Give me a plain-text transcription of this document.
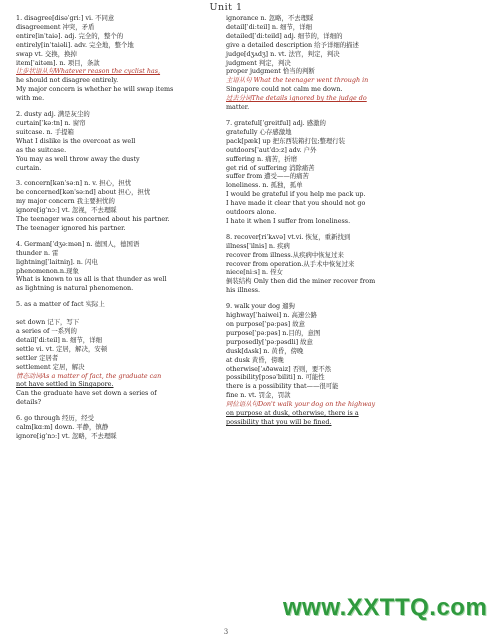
Unit 1
1. disagree[disəˈgriː] vi. 不同意
disagreement 冲突，矛盾
entire[inˈtaiə]. adj. 完全的，整个的
entirely[inˈtaiəli]. adv. 完全地，整个地
swap vt. 交换，换掉
item[ˈaitəm]. n. 项目，条款
让步状语从句Whatever reason the cyclist has,
he should not disagree entirely.
My major concern is whether he will swap items
with me.
2. dusty adj. 满是灰尘的
curtain[ˈkəːtn] n. 窗帘
suitcase. n. 手提箱
What I dislike is the overcoat as well
as the suitcase.
You may as well throw away the dusty
curtain.
3. concern[kənˈsəːn] n. v. 担心，担忧
be concerned[kənˈsəːnd] about 担心，担忧
my major concern 我主要担忧的
ignore[igˈnɔː] vt. 忽视，不去理睬
The teenager was concerned about his partner.
The teenager ignored his partner.
4. German[ˈdʒəːmən] n. 德国人，德国语
thunder n. 雷
lightning[ˈlaitniŋ]. n. 闪电
phenomenon.n.现象
What is known to us all is that thunder as well
as lightning is natural phenomenon.
5. as a matter of fact 实际上

set down 记下，写下
a series of 一系列的
detail[ˈdiːteil] n. 细节，详细
settle vi. vt. 定居，解决，安顿
settler 定居者
settlement 定居，解决
情态动词As a matter of fact, the graduate can
not have settled in Singapore.
Can the graduate have set down a series of
details?
6. go through 经历，经受
calm[kɑːm] down. 平静，镇静
ignore[igˈnɔː] vt. 忽略，不去理睬
ignorance n. 忽略，不去理睬
detail[ˈdiːteil] n. 细节，详细
detailed[ˈdiːteild] adj. 细节的，详细的
give a detailed description 给予详细的描述
judge[dʒʌdʒ] n. vt. 法官，判定，判决
judgment 判定，判决
proper judgment 恰当的判断
主语从句 What the teenager went through in
Singapore could not calm me down.
过去分词The details ignored by the judge do
matter.
7. grateful[ˈgreitful] adj. 感激的
gratefully 心存感激地
pack[pæk] up 把东西装箱打包;整理行装
outdoors[ˈautˈdɔːz] adv. 户外
suffering n. 痛苦，折磨
get rid of suffering 消除痛苦
suffer from 遭受——的痛苦
loneliness. n. 孤独，孤单
I would be grateful if you help me pack up.
I have made it clear that you should not go
outdoors alone.
I hate it when I suffer from loneliness.
8. recover[riˈkʌvə] vt.vi. 恢复，重新找到
illness[ˈilnis] n. 疾病
recover from illness.从疾病中恢复过来
recover from operation.从手术中恢复过来
niece[niːs] n. 侄女
倒装结构 Only then did the miner recover from
his illness.
9. walk your dog 遛狗
highway[ˈhaiwei] n. 高速公路
on purpose[ˈpəːpəs] 故意
purpose[ˈpəːpəs] n.目的，意图
purposedly[ˈpəːpəsdli] 故意
dusk[dʌsk] n. 黄昏，傍晚
at dusk 黄昏，傍晚
otherwise[ˈʌðəwaiz] 否则，要不然
possibility[pɔsəˈbiliti] n. 可能性
there is a possibility that——很可能
fine n. vt. 罚金，罚款
同位语从句Don't walk your dog on the highway
on purpose at dusk, otherwise, there is a
possibility that you will be fined.
3
www.XXTTQ.com
